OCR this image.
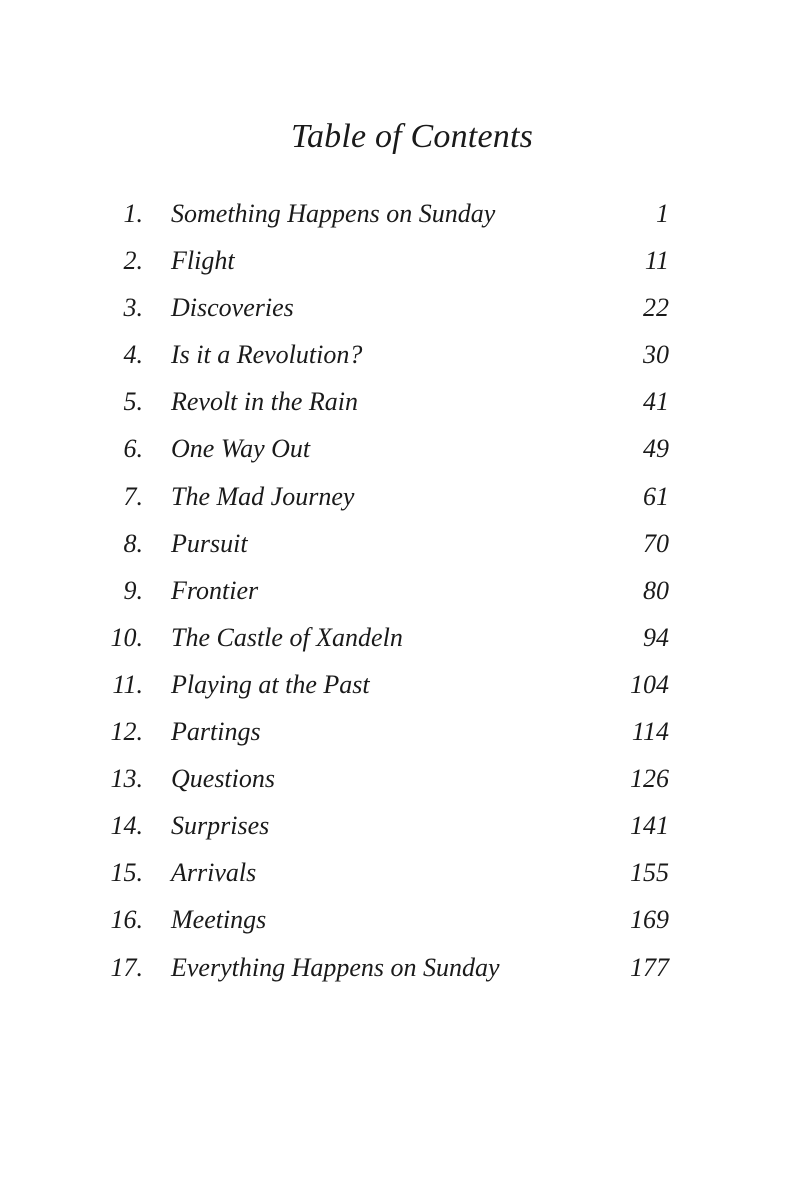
Table of Contents
1. Something Happens on Sunday	1
2. Flight	11
3. Discoveries	22
4. Is it a Revolution?	30
5. Revolt in the Rain	41
6. One Way Out	49
7. The Mad Journey	61
8. Pursuit	70
9. Frontier	80
10. The Castle of Xandeln	94
11. Playing at the Past	104
12. Partings	114
13. Questions	126
14. Surprises	141
15. Arrivals	155
16. Meetings	169
17. Everything Happens on Sunday	177
